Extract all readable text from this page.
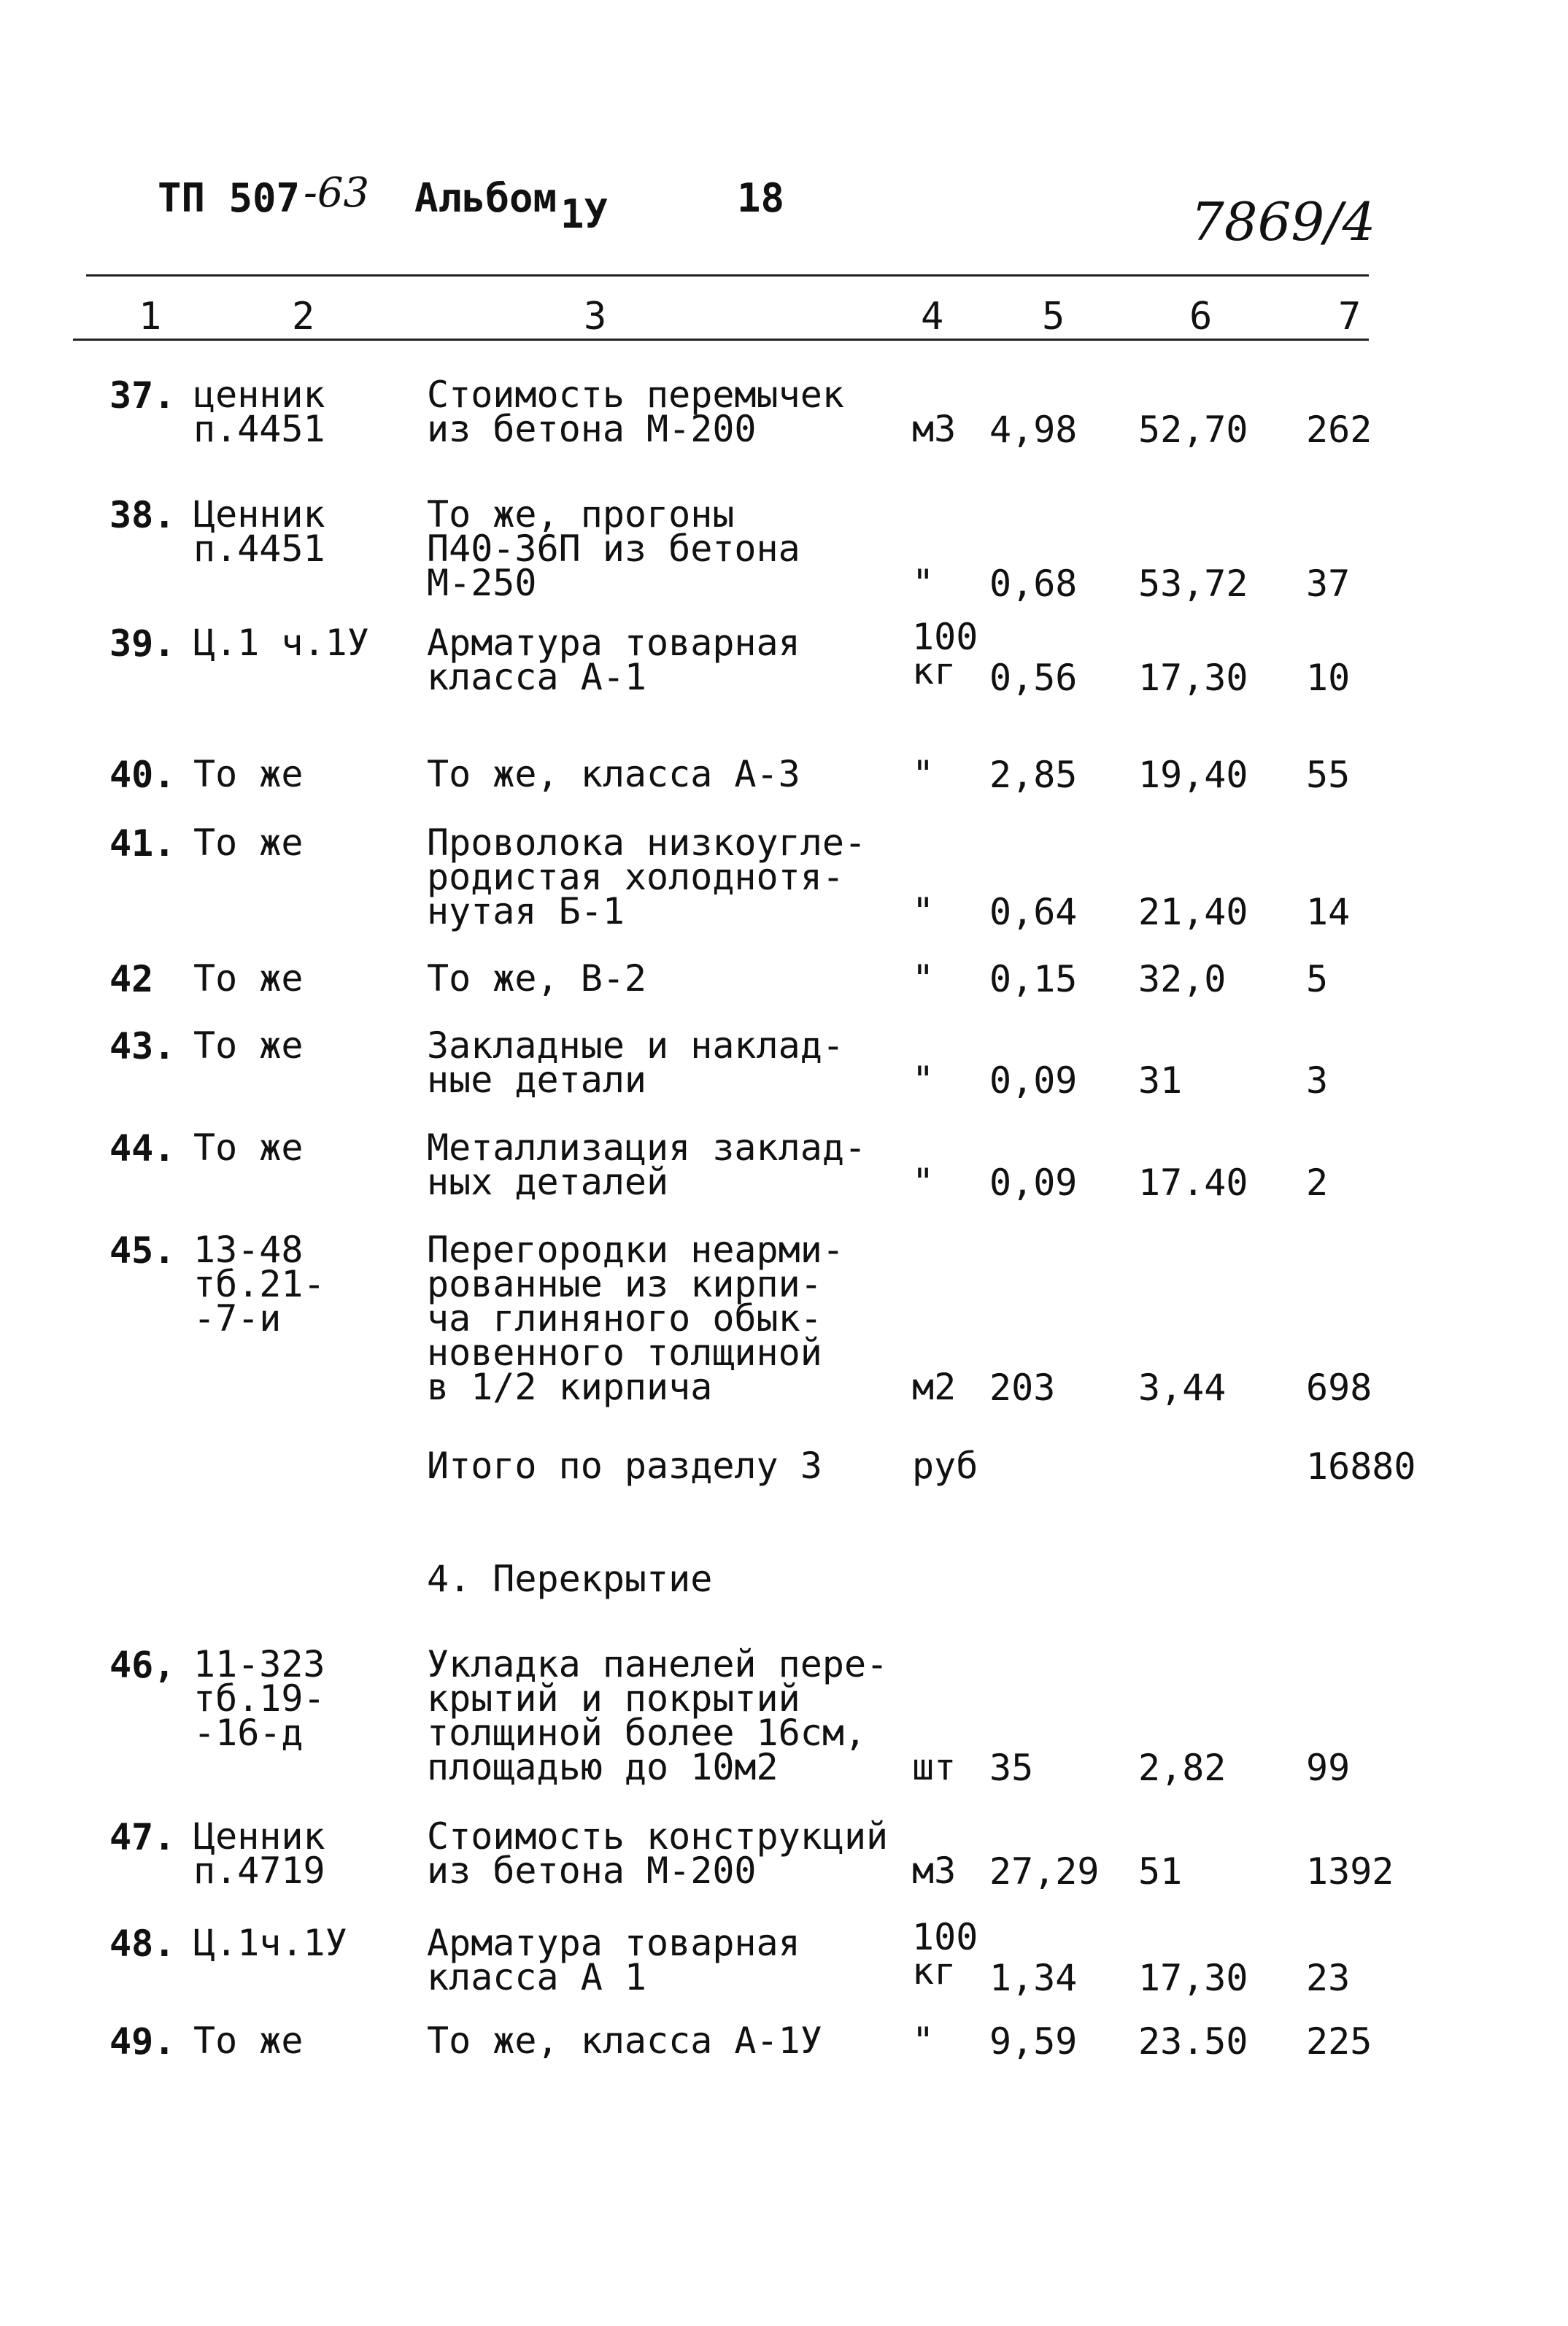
ТП 507 -63 Альбом 1У	18	7869/4
1	2	3	4	5	6	7
37. ценник
п.4451
Стоимость перемычек
из бетона М-200	м3 4,98 52,70 262
38. Ценник
п.4451
То же, прогоны
П40-36П из бетона
М-250	" 0,68 53,72 37
39. Ц.1 ч.1У Арматура товарная
класса А-1
100
кг 0,56 17,30 10
40. То же	То же, класса А-3	" 2,85 19,40 55
41. То же	Проволока низкоугле-
родистая холоднотя-
нутая Б-1	" 0,64 21,40 14
42 То же	То же, В-2	" 0,15 32,0 5
43. То же	Закладные и наклад-
ные детали	" 0,09 31	3
44. То же	Металлизация заклад-
ных деталей	" 0,09 17.40 2
45. 13-48
тб.21-
-7-и
Перегородки неарми-
рованные из кирпи-
ча глиняного обык-
новенного толщиной
в 1/2 кирпича	м2 203 3,44 698
Итого по разделу 3 руб	16880
4. Перекрытие
46, 11-323
тб.19-
-16-д
Укладка панелей пере-
крытий и покрытий
толщиной более 16см,
площадью до 10м2	шт 35	2,82 99
47. Ценник
п.4719
Стоимость конструкций
из бетона М-200	м3 27,29 51	1392
48. Ц.1ч.1У Арматура товарная
класса А 1
100
кг 1,34 17,30 23
49. То же	То же, класса А-1У " 9,59 23.50 225
